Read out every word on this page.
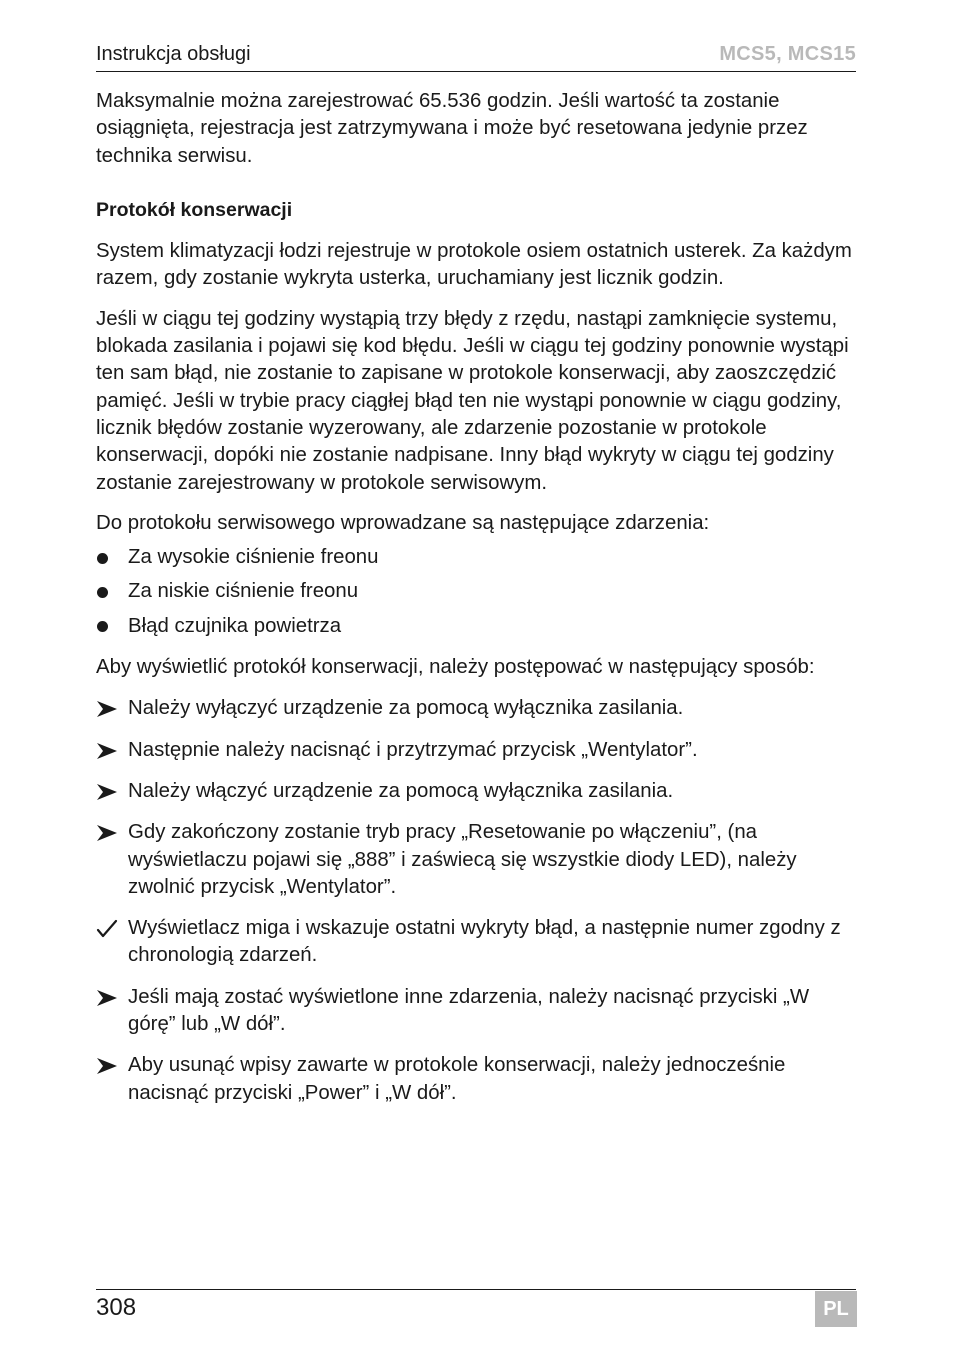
Instrukcja obsługi	MCS5, MCS15

Maksymalnie można zarejestrować 65.536 godzin. Jeśli wartość ta zostanie osiągnięta, rejestracja jest zatrzymywana i może być resetowana jedynie przez technika serwisu.

Protokół konserwacji

System klimatyzacji łodzi rejestruje w protokole osiem ostatnich usterek. Za każdym razem, gdy zostanie wykryta usterka, uruchamiany jest licznik godzin.

Jeśli w ciągu tej godziny wystąpią trzy błędy z rzędu, nastąpi zamknięcie systemu, blokada zasilania i pojawi się kod błędu. Jeśli w ciągu tej godziny ponownie wystąpi ten sam błąd, nie zostanie to zapisane w protokole konserwacji, aby zaoszczędzić pamięć. Jeśli w trybie pracy ciągłej błąd ten nie wystąpi ponownie w ciągu godziny, licznik błędów zostanie wyzerowany, ale zdarzenie pozostanie w protokole konserwacji, dopóki nie zostanie nadpisane. Inny błąd wykryty w ciągu tej godziny zostanie zarejestrowany w protokole serwisowym.

Do protokołu serwisowego wprowadzane są następujące zdarzenia:

Za wysokie ciśnienie freonu
Za niskie ciśnienie freonu
Błąd czujnika powietrza

Aby wyświetlić protokół konserwacji, należy postępować w następujący sposób:

Należy wyłączyć urządzenie za pomocą wyłącznika zasilania.
Następnie należy nacisnąć i przytrzymać przycisk „Wentylator”.
Należy włączyć urządzenie za pomocą wyłącznika zasilania.
Gdy zakończony zostanie tryb pracy „Resetowanie po włączeniu”, (na wyświetlaczu pojawi się „888” i zaświecą się wszystkie diody LED), należy zwolnić przycisk „Wentylator”.
Wyświetlacz miga i wskazuje ostatni wykryty błąd, a następnie numer zgodny z chronologią zdarzeń.
Jeśli mają zostać wyświetlone inne zdarzenia, należy nacisnąć przyciski „W górę” lub „W dół”.
Aby usunąć wpisy zawarte w protokole konserwacji, należy jednocześnie nacisnąć przyciski „Power” i „W dół”.
308	PL
